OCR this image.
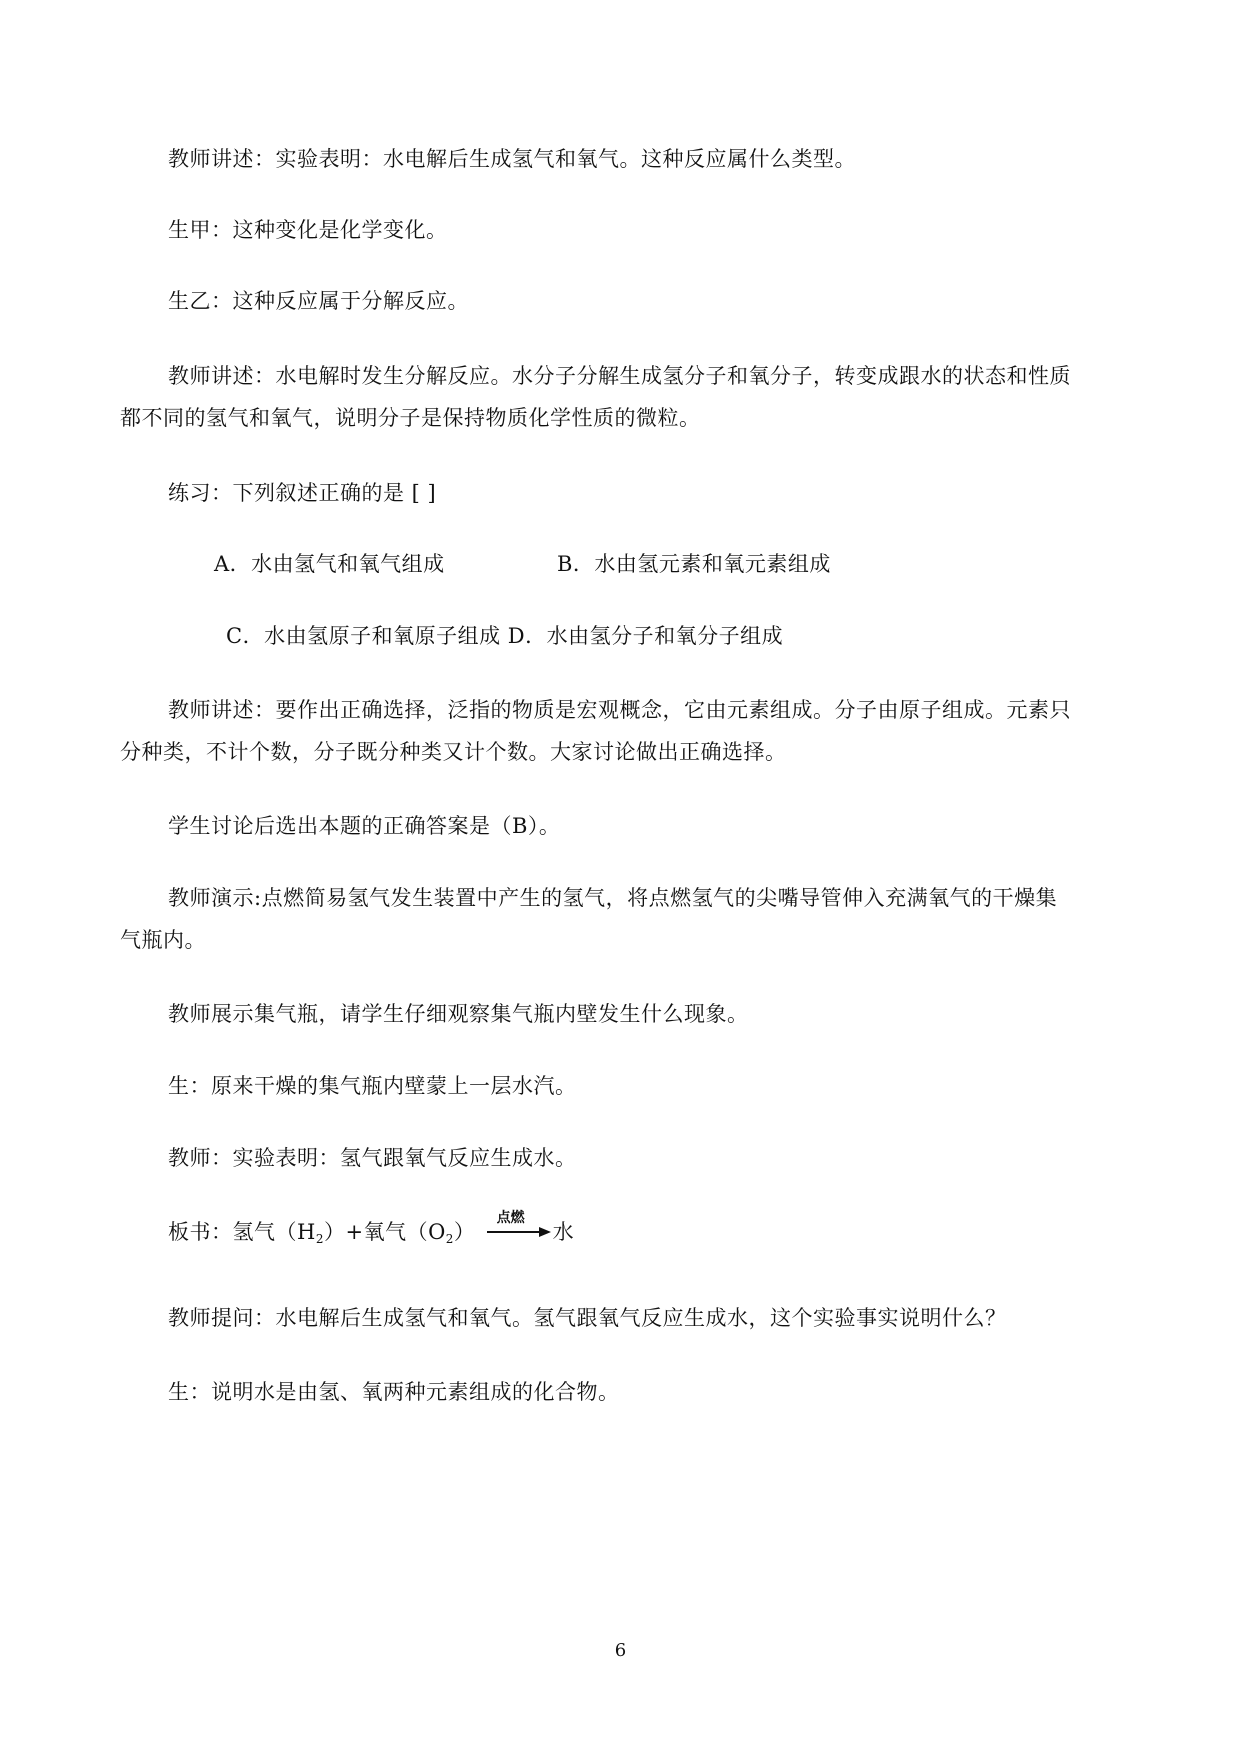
教师讲述：实验表明：水电解后生成氢气和氧气。这种反应属什么类型。
生甲：这种变化是化学变化。
生乙：这种反应属于分解反应。
教师讲述：水电解时发生分解反应。水分子分解生成氢分子和氧分子，转变成跟水的状态和性质
都不同的氢气和氧气，说明分子是保持物质化学性质的微粒。
练习：下列叙述正确的是 [ ]
A．水由氢气和氧气组成	B．水由氢元素和氧元素组成
C．水由氢原子和氧原子组成 D．水由氢分子和氧分子组成
教师讲述：要作出正确选择，泛指的物质是宏观概念，它由元素组成。分子由原子组成。元素只
分种类，不计个数，分子既分种类又计个数。大家讨论做出正确选择。
学生讨论后选出本题的正确答案是（B）。
教师演示:点燃简易氢气发生装置中产生的氢气，将点燃氢气的尖嘴导管伸入充满氧气的干燥集
气瓶内。
教师展示集气瓶，请学生仔细观察集气瓶内壁发生什么现象。
生：原来干燥的集气瓶内壁蒙上一层水汽。
教师：实验表明：氢气跟氧气反应生成水。
板书：氢气$(H_2)+$氧气$(O_2)$
点燃
水
教师提问：水电解后生成氢气和氧气。氢气跟氧气反应生成水，这个实验事实说明什么？
生：说明水是由氢、氧两种元素组成的化合物。
6
